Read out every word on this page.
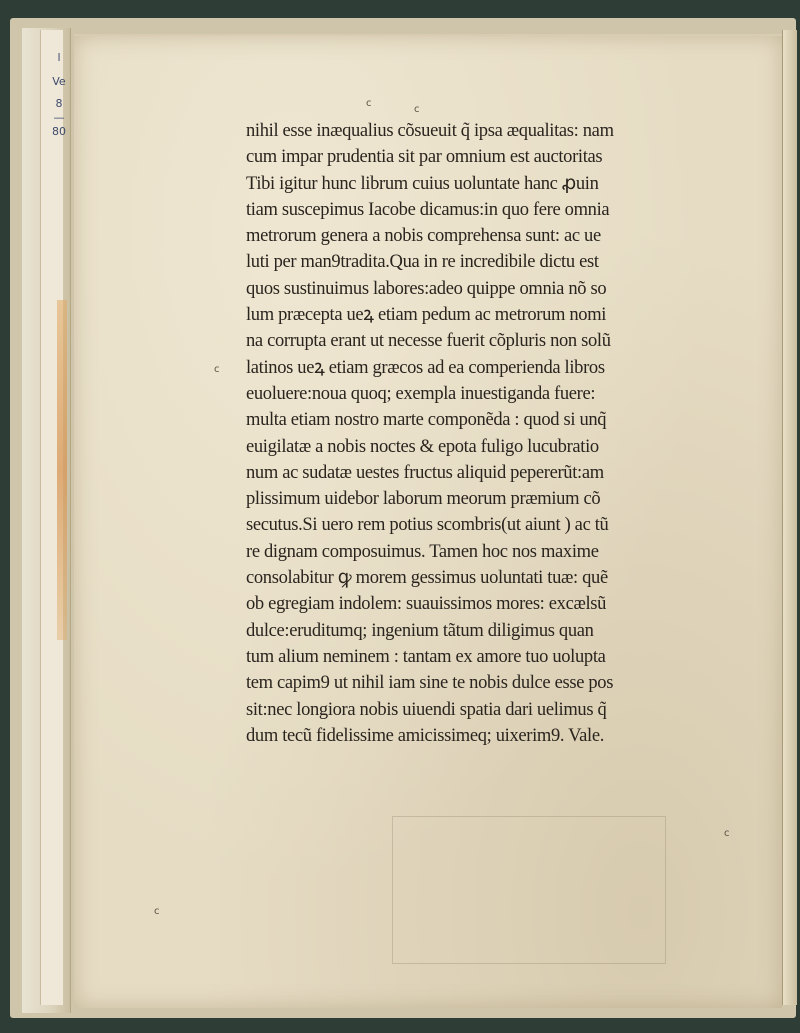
l
Ve
8
—
80
c
c
c
c
c
nihil esse inæqualius cõsueuit q̃ ipsa æqualitas: nam
cum impar prudentia sit par omnium est auctoritas
Tibi igitur hunc librum cuius uoluntate hanc ꝓuin
tiam suscepimus Iacobe dicamus:in quo fere omnia
metrorum genera a nobis comprehensa sunt: ac ue
luti per man9tradita.Qua in re incredibile dictu est
quos sustinuimus labores:adeo quippe omnia nõ so
lum præcepta ueꝝ etiam pedum ac metrorum nomi
na corrupta erant ut necesse fuerit cõpluris non solũ
latinos ueꝝ etiam græcos ad ea comperienda libros
euoluere:noua quoq; exempla inuestiganda fuere:
multa etiam nostro marte componẽda : quod si unq̃
euigilatæ a nobis noctes & epota fuligo lucubratio
num ac sudatæ uestes fructus aliquid pepererũt:am
plissimum uidebor laborum meorum præmium cõ
secutus.Si uero rem potius scombris(ut aiunt ) ac tũ
re dignam composuimus. Tamen hoc nos maxime
consolabitur ꝙ morem gessimus uoluntati tuæ: quẽ
ob egregiam indolem: suauissimos mores: excælsũ
dulce:eruditumq; ingenium tãtum diligimus quan
tum alium neminem : tantam ex amore tuo uolupta
tem capim9 ut nihil iam sine te nobis dulce esse pos
sit:nec longiora nobis uiuendi spatia dari uelimus q̃
dum tecũ fidelissime amicissimeq; uixerim9. Vale.
